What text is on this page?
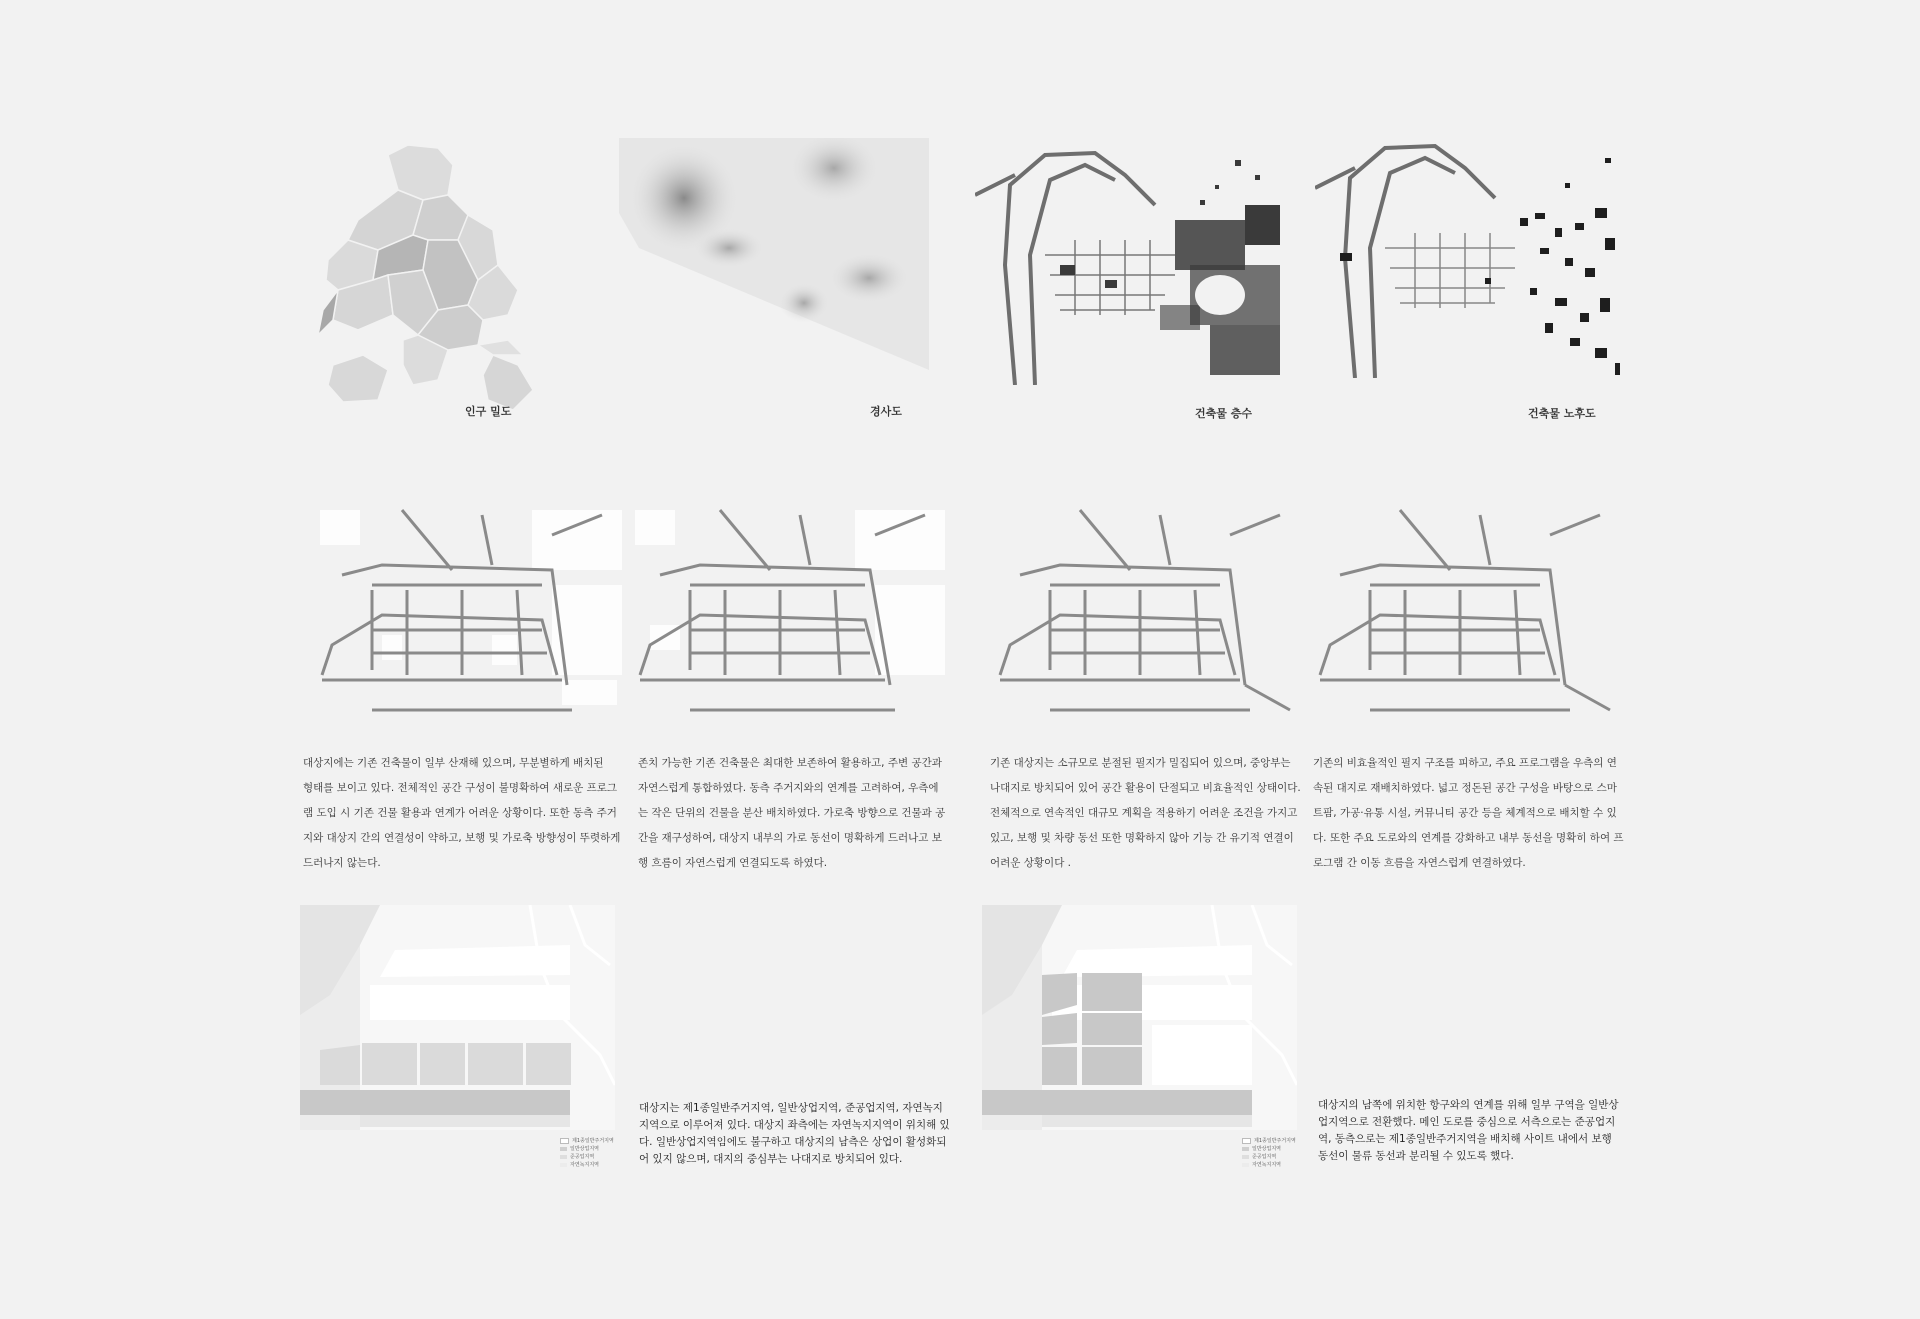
인구 밀도	경사도	건축물 층수	건축물 노후도
대상지에는 기존 건축물이 일부 산재해 있으며, 무분별하게 배치된
형태를 보이고 있다. 전체적인 공간 구성이 불명확하여 새로운 프로그
램 도입 시 기존 건물 활용과 연계가 어려운 상황이다. 또한 동측 주거
지와 대상지 간의 연결성이 약하고, 보행 및 가로축 방향성이 뚜렷하게
드러나지 않는다.
존치 가능한 기존 건축물은 최대한 보존하여 활용하고, 주변 공간과
자연스럽게 통합하였다. 동측 주거지와의 연계를 고려하여, 우측에
는 작은 단위의 건물을 분산 배치하였다. 가로축 방향으로 건물과 공
간을 재구성하여, 대상지 내부의 가로 동선이 명확하게 드러나고 보
행 흐름이 자연스럽게 연결되도록 하였다.
기존 대상지는 소규모로 분절된 필지가 밀집되어 있으며, 중앙부는
나대지로 방치되어 있어 공간 활용이 단절되고 비효율적인 상태이다.
전체적으로 연속적인 대규모 계획을 적용하기 어려운 조건을 가지고
있고, 보행 및 차량 동선 또한 명확하지 않아 기능 간 유기적 연결이
어려운 상황이다 .
기존의 비효율적인 필지 구조를 피하고, 주요 프로그램을 우측의 연
속된 대지로 재배치하였다. 넓고 정돈된 공간 구성을 바탕으로 스마
트팜, 가공·유통 시설, 커뮤니티 공간 등을 체계적으로 배치할 수 있
다. 또한 주요 도로와의 연계를 강화하고 내부 동선을 명확히 하여 프
로그램 간 이동 흐름을 자연스럽게 연결하였다.
제1종일반주거지역
일반상업지역
준공업지역
자연녹지지역
대상지는 제1종일반주거지역, 일반상업지역, 준공업지역, 자연녹지
지역으로 이루어져 있다. 대상지 좌측에는 자연녹지지역이 위치해 있
다. 일반상업지역임에도 불구하고 대상지의 남측은 상업이 활성화되
어 있지 않으며, 대지의 중심부는 나대지로 방치되어 있다.
제1종일반주거지역
일반상업지역
준공업지역
자연녹지지역
대상지의 남쪽에 위치한 항구와의 연계를 위해 일부 구역을 일반상
업지역으로 전환했다. 메인 도로를 중심으로 서측으로는 준공업지
역, 동측으로는 제1종일반주거지역을 배치해 사이트 내에서 보행
동선이 물류 동선과 분리될 수 있도록 했다.
